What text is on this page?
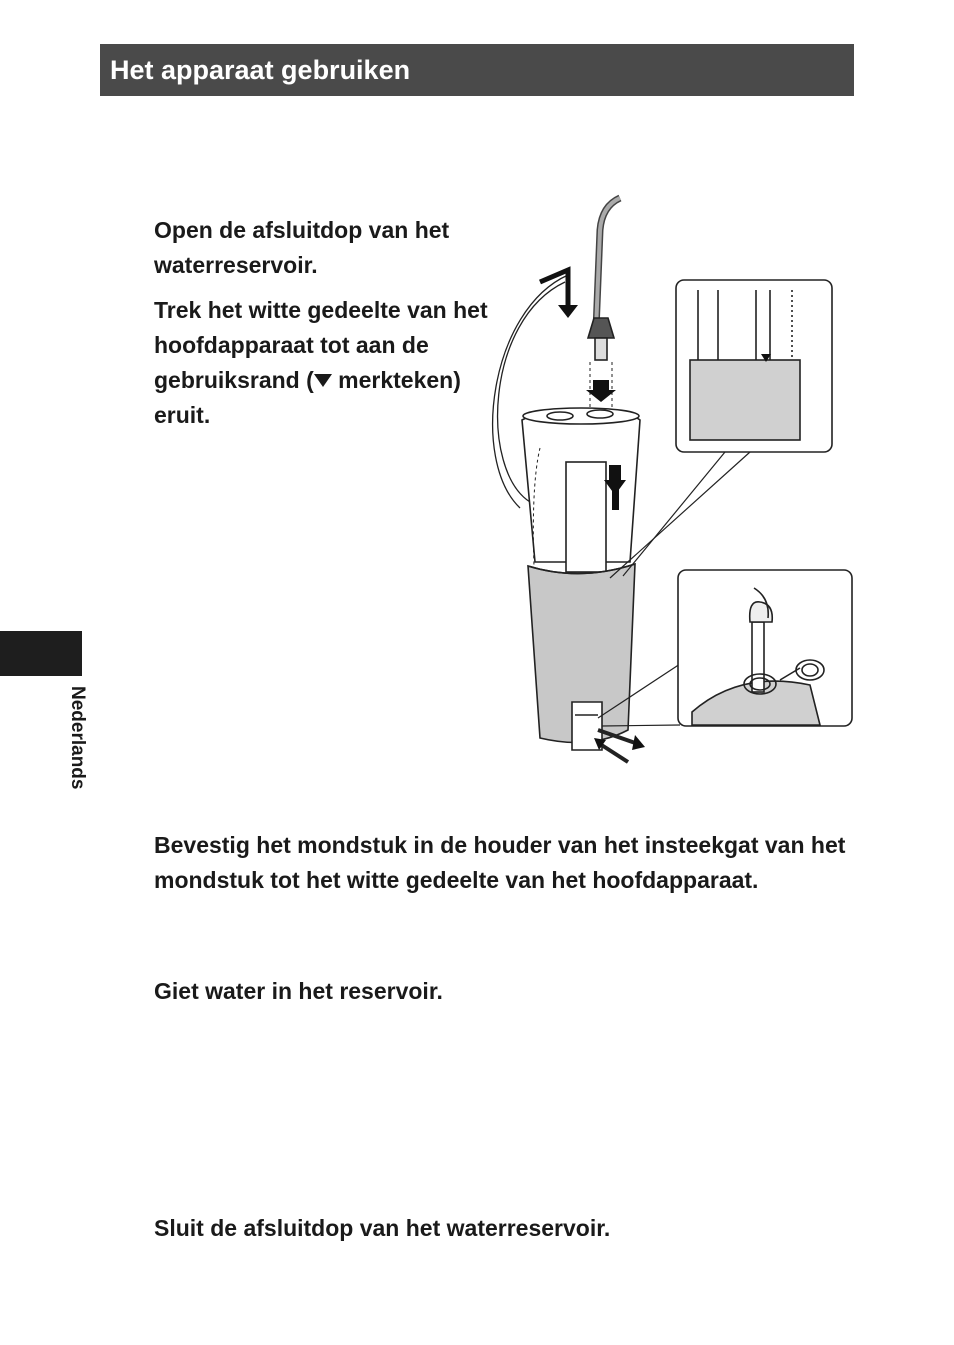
Het apparaat gebruiken
Nederlands

Open de afsluitdop van het waterreservoir.

Trek het witte gedeelte van het hoofdapparaat tot aan de gebruiksrand ( merkteken) eruit.

Bevestig het mondstuk in de houder van het insteekgat van het mondstuk tot het witte gedeelte van het hoofdapparaat.

Giet water in het reservoir.

Sluit de afsluitdop van het waterreservoir.
